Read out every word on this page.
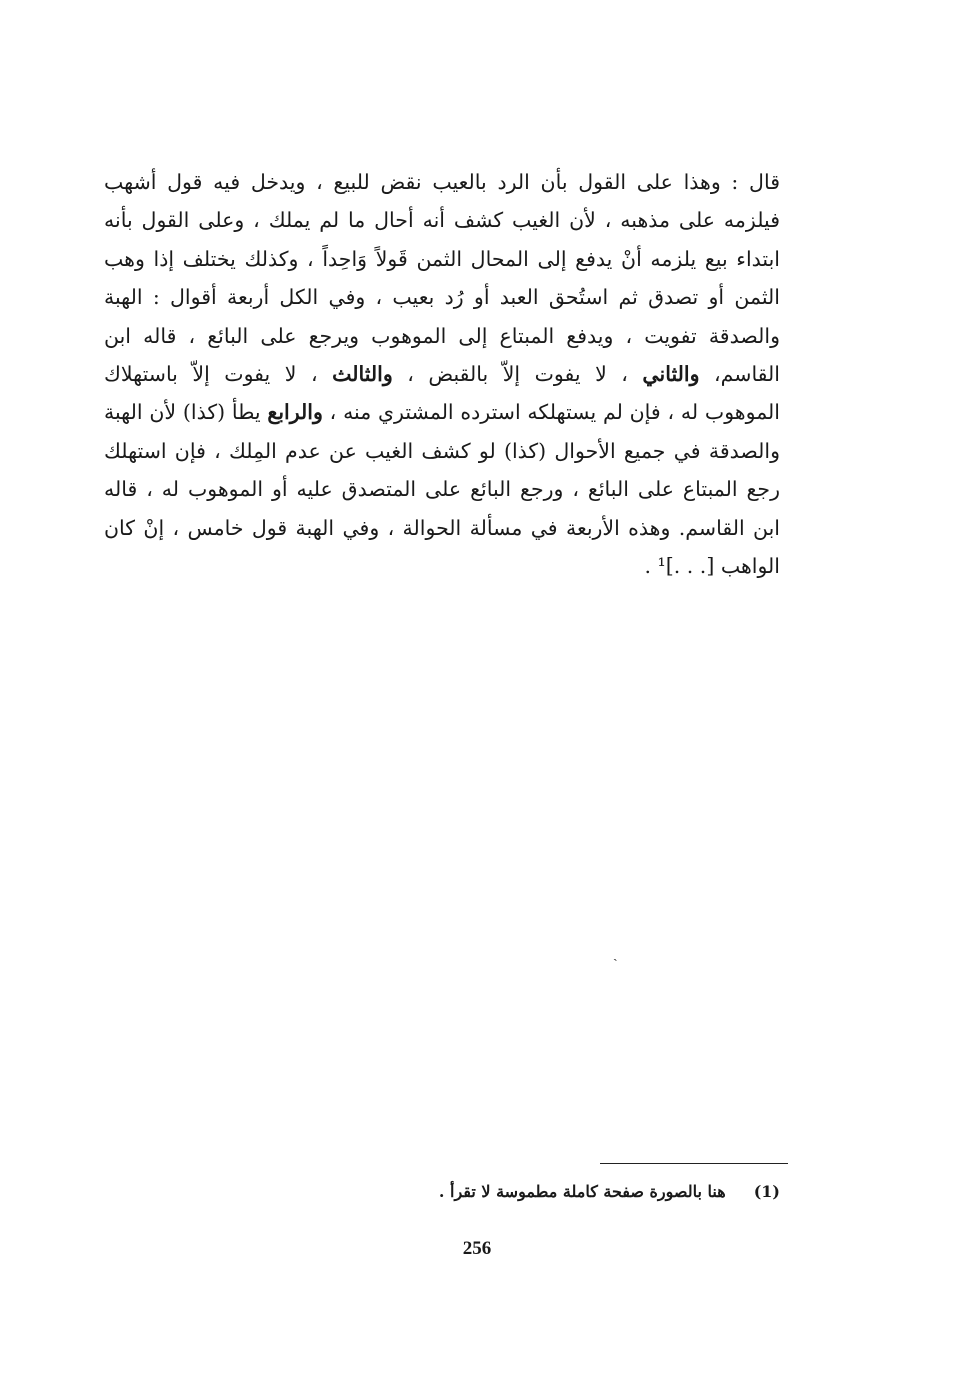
قال : وهذا على القول بأن الرد بالعيب نقض للبيع ، ويدخل فيه قول أشهب
فيلزمه على مذهبه ، لأن الغيب كشف أنه أحال ما لم يملك ، وعلى القول بأنه
ابتداء بيع يلزمه أنْ يدفع إلى المحال الثمن قَولاً وَاحِداً ، وكذلك يختلف إذا وهب
الثمن أو تصدق ثم استُحق العبد أو رُد بعيب ، وفي الكل أربعة أقوال : الهبة
والصدقة تفويت ، ويدفع المبتاع إلى الموهوب ويرجع على البائع ، قاله ابن
القاسم، والثاني ، لا يفوت إلاّ بالقبض ، والثالث ، لا يفوت إلاّ باستهلاك
الموهوب له ، فإن لم يستهلكه استرده المشتري منه ، والرابع يطأ (كذا) لأن الهبة
والصدقة في جميع الأحوال (كذا) لو كشف الغيب عن عدم المِلك ، فإن استهلك
رجع المبتاع على البائع ، ورجع البائع على المتصدق عليه أو الموهوب له ، قاله
ابن القاسم. وهذه الأربعة في مسألة الحوالة ، وفي الهبة قول خامس ، إنْ كان
الواهب [. . .]¹ .
(1)هنا بالصورة صفحة كاملة مطموسة لا تقرأ .
ˏ
256
